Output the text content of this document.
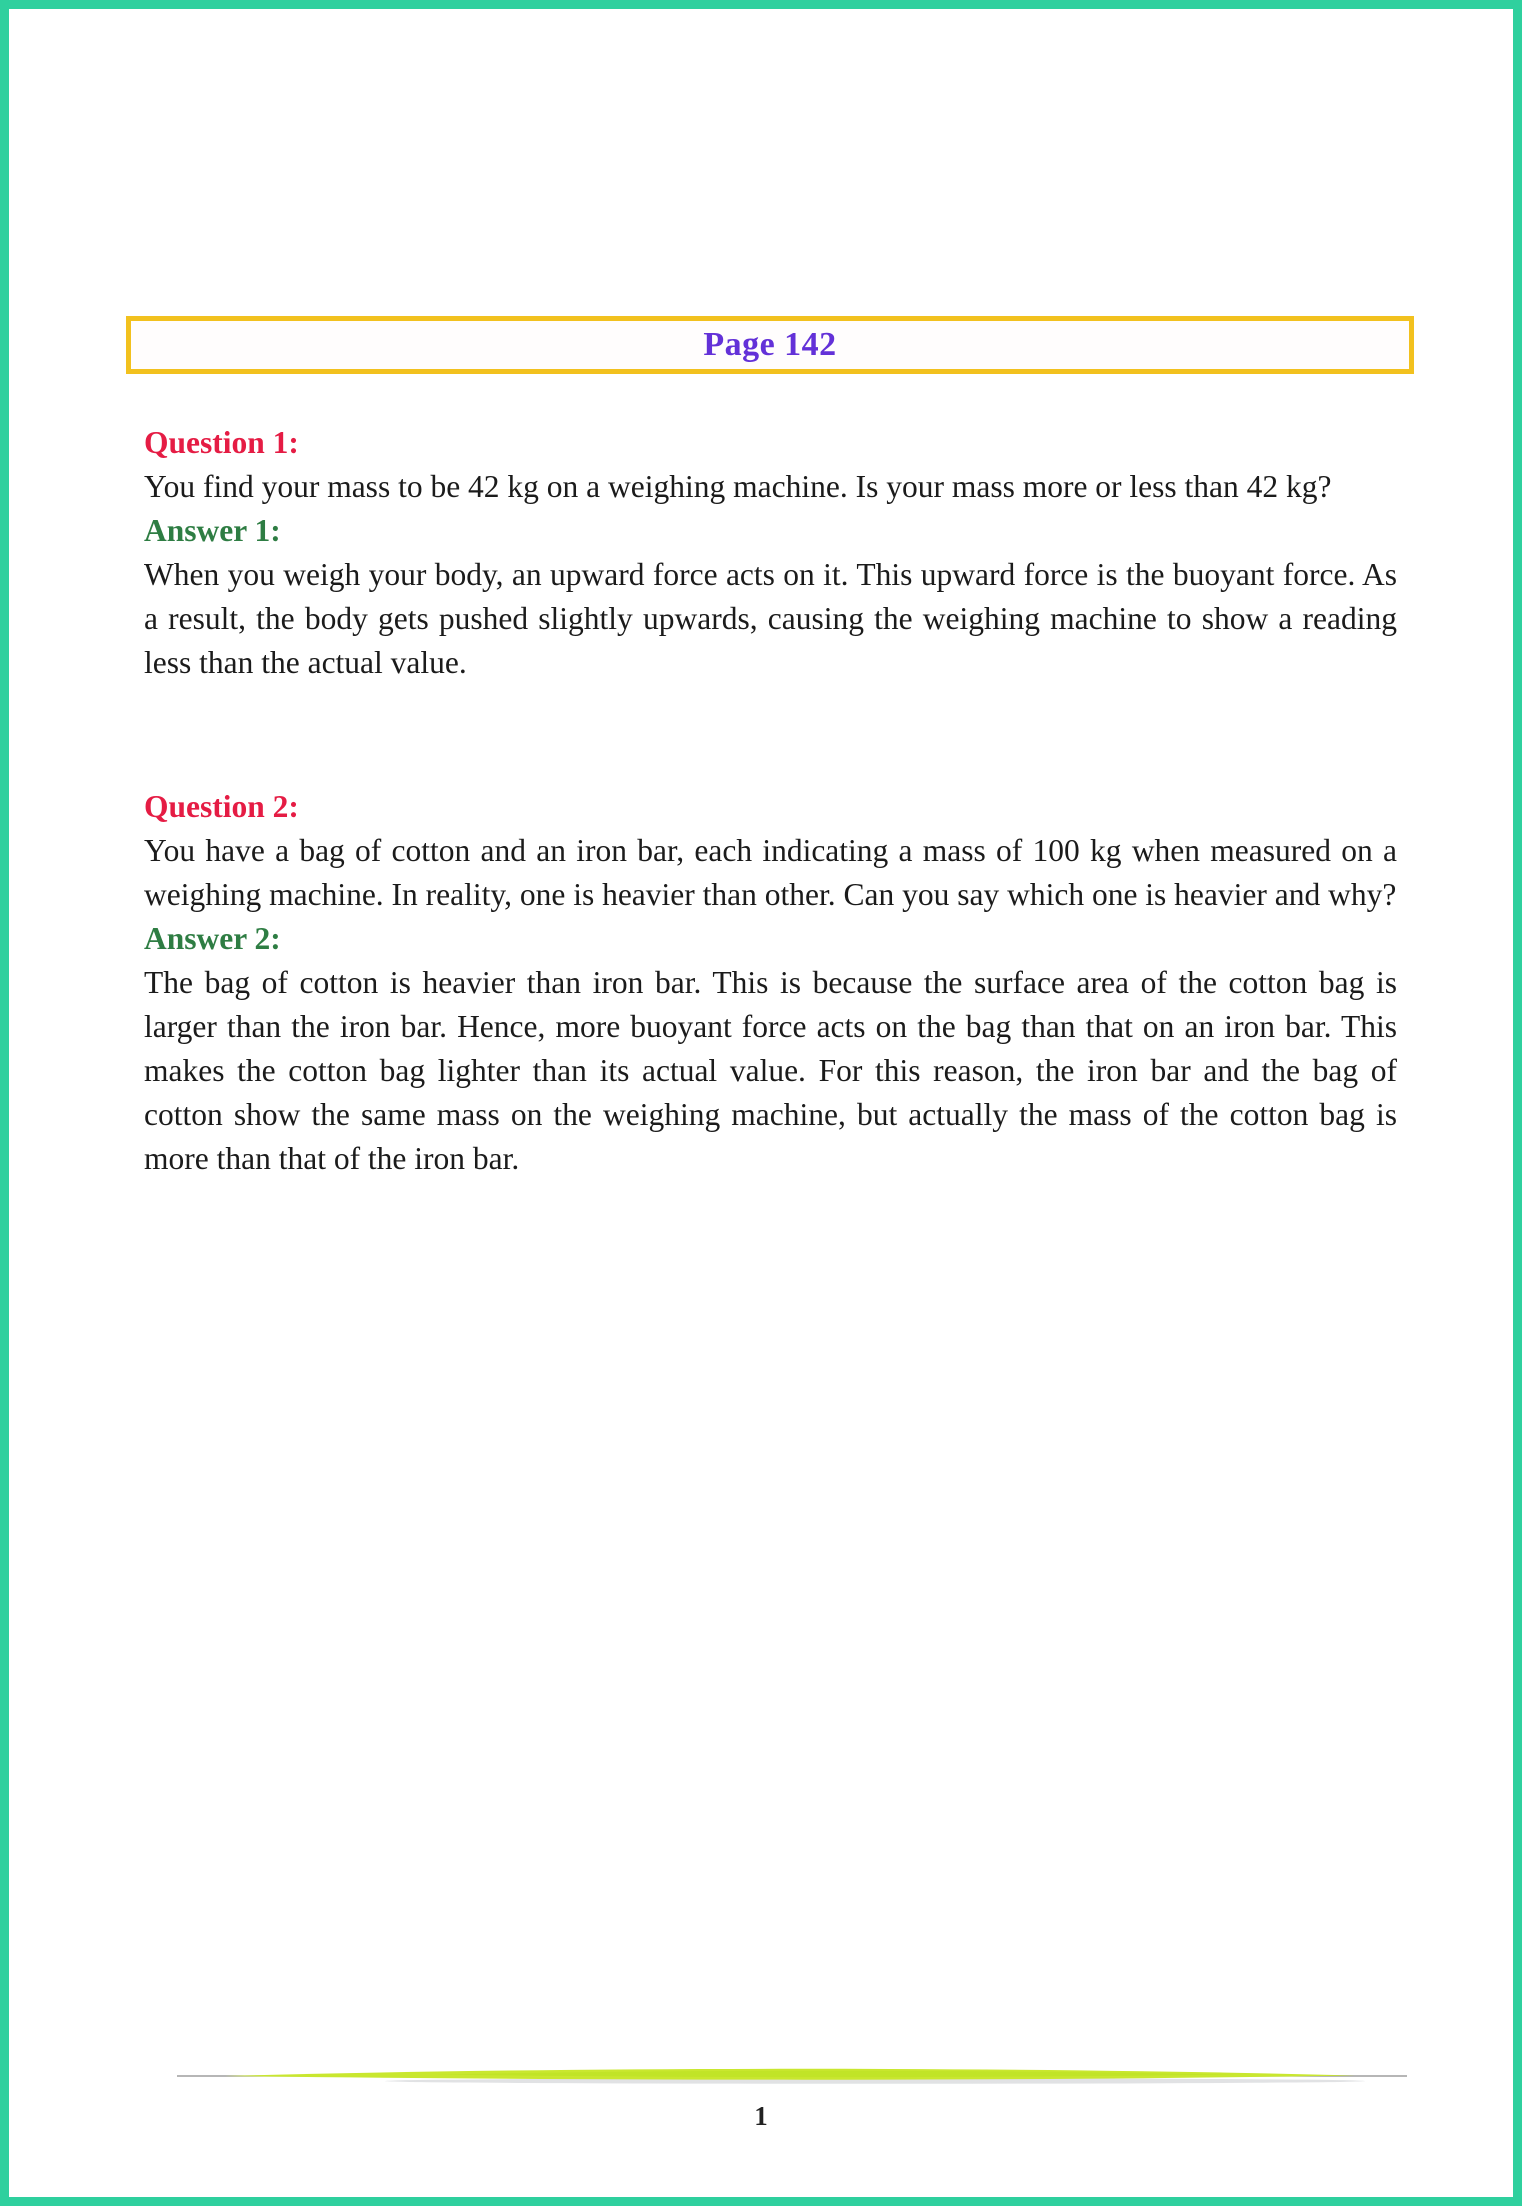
Page 142
Question 1:
You find your mass to be 42 kg on a weighing machine. Is your mass more or less than 42 kg?
Answer 1:
When you weigh your body, an upward force acts on it. This upward force is the buoyant force. As a result, the body gets pushed slightly upwards, causing the weighing machine to show a reading less than the actual value.
Question 2:
You have a bag of cotton and an iron bar, each indicating a mass of 100 kg when measured on a weighing machine. In reality, one is heavier than other. Can you say which one is heavier and why?
Answer 2:
The bag of cotton is heavier than iron bar. This is because the surface area of the cotton bag is larger than the iron bar. Hence, more buoyant force acts on the bag than that on an iron bar. This makes the cotton bag lighter than its actual value. For this reason, the iron bar and the bag of cotton show the same mass on the weighing machine, but actually the mass of the cotton bag is more than that of the iron bar.
1
